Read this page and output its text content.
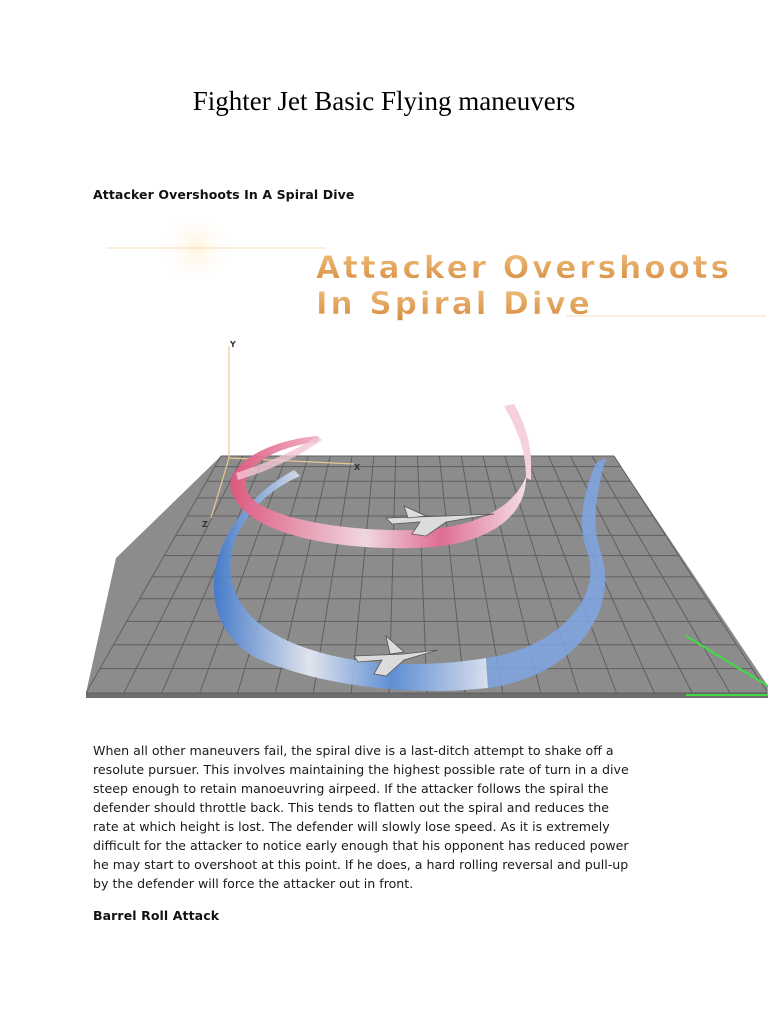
Fighter Jet Basic Flying maneuvers
Attacker Overshoots In A Spiral Dive
Y
X
Z
Attacker Overshoots
In Spiral Dive

When all other maneuvers fail, the spiral dive is a last-ditch attempt to shake off a
resolute pursuer. This involves maintaining the highest possible rate of turn in a dive
steep enough to retain manoeuvring airpeed. If the attacker follows the spiral the
defender should throttle back. This tends to flatten out the spiral and reduces the
rate at which height is lost. The defender will slowly lose speed. As it is extremely
difficult for the attacker to notice early enough that his opponent has reduced power
he may start to overshoot at this point. If he does, a hard rolling reversal and pull-up
by the defender will force the attacker out in front.

Barrel Roll Attack
